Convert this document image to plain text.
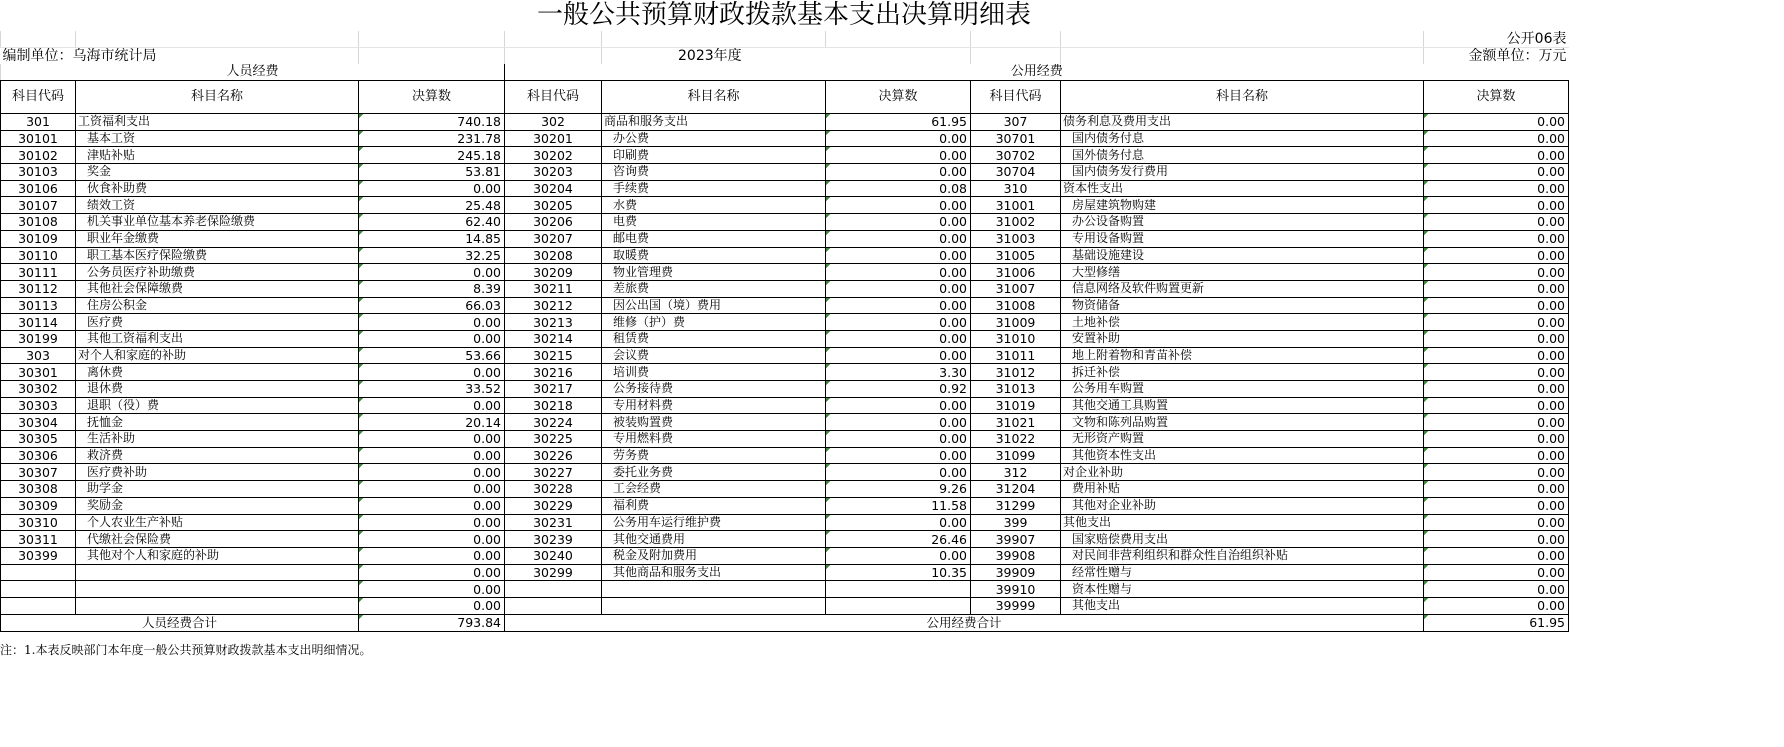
一般公共预算财政拨款基本支出决算明细表
								公开06表
编制单位：乌海市统计局				2023年度				金额单位：万元
人员经费			公用经费					
科目代码	科目名称	决算数	科目代码	科目名称	决算数	科目代码	科目名称	决算数
301	工资福利支出	740.18	302	商品和服务支出	61.95	307	债务利息及费用支出	0.00
30101	基本工资	231.78	30201	办公费	0.00	30701	国内债务付息	0.00
30102	津贴补贴	245.18	30202	印刷费	0.00	30702	国外债务付息	0.00
30103	奖金	53.81	30203	咨询费	0.00	30704	国内债务发行费用	0.00
30106	伙食补助费	0.00	30204	手续费	0.08	310	资本性支出	0.00
30107	绩效工资	25.48	30205	水费	0.00	31001	房屋建筑物购建	0.00
30108	机关事业单位基本养老保险缴费	62.40	30206	电费	0.00	31002	办公设备购置	0.00
30109	职业年金缴费	14.85	30207	邮电费	0.00	31003	专用设备购置	0.00
30110	职工基本医疗保险缴费	32.25	30208	取暖费	0.00	31005	基础设施建设	0.00
30111	公务员医疗补助缴费	0.00	30209	物业管理费	0.00	31006	大型修缮	0.00
30112	其他社会保障缴费	8.39	30211	差旅费	0.00	31007	信息网络及软件购置更新	0.00
30113	住房公积金	66.03	30212	因公出国（境）费用	0.00	31008	物资储备	0.00
30114	医疗费	0.00	30213	维修（护）费	0.00	31009	土地补偿	0.00
30199	其他工资福利支出	0.00	30214	租赁费	0.00	31010	安置补助	0.00
303	对个人和家庭的补助	53.66	30215	会议费	0.00	31011	地上附着物和青苗补偿	0.00
30301	离休费	0.00	30216	培训费	3.30	31012	拆迁补偿	0.00
30302	退休费	33.52	30217	公务接待费	0.92	31013	公务用车购置	0.00
30303	退职（役）费	0.00	30218	专用材料费	0.00	31019	其他交通工具购置	0.00
30304	抚恤金	20.14	30224	被装购置费	0.00	31021	文物和陈列品购置	0.00
30305	生活补助	0.00	30225	专用燃料费	0.00	31022	无形资产购置	0.00
30306	救济费	0.00	30226	劳务费	0.00	31099	其他资本性支出	0.00
30307	医疗费补助	0.00	30227	委托业务费	0.00	312	对企业补助	0.00
30308	助学金	0.00	30228	工会经费	9.26	31204	费用补贴	0.00
30309	奖励金	0.00	30229	福利费	11.58	31299	其他对企业补助	0.00
30310	个人农业生产补贴	0.00	30231	公务用车运行维护费	0.00	399	其他支出	0.00
30311	代缴社会保险费	0.00	30239	其他交通费用	26.46	39907	国家赔偿费用支出	0.00
30399	其他对个人和家庭的补助	0.00	30240	税金及附加费用	0.00	39908	对民间非营利组织和群众性自治组织补贴	0.00
		0.00	30299	其他商品和服务支出	10.35	39909	经常性赠与	0.00
		0.00				39910	资本性赠与	0.00
		0.00				39999	其他支出	0.00
人员经费合计		793.84	公用经费合计					61.95
注：1.本表反映部门本年度一般公共预算财政拨款基本支出明细情况。
